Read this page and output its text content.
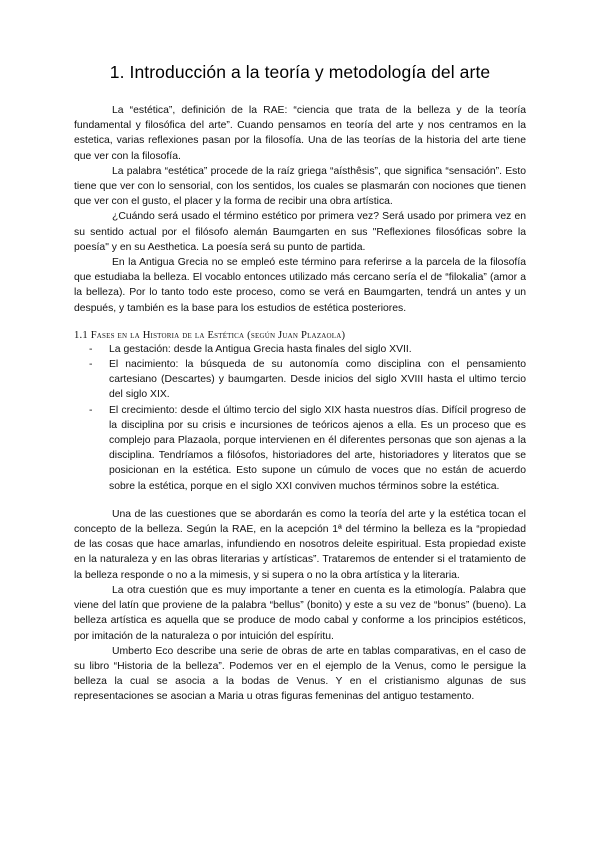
1. Introducción a la teoría y metodología del arte

La “estética”, definición de la RAE: “ciencia que trata de la belleza y de la teoría fundamental y filosófica del arte”. Cuando pensamos en teoría del arte y nos centramos en la estetica, varias reflexiones pasan por la filosofía. Una de las teorías de la historia del arte tiene que ver con la filosofía.

La palabra “estética” procede de la raíz griega “aísthêsis”, que significa “sensación”. Esto tiene que ver con lo sensorial, con los sentidos, los cuales se plasmarán con nociones que tienen que ver con el gusto, el placer y la forma de recibir una obra artística.

¿Cuándo será usado el término estético por primera vez? Será usado por primera vez en su sentido actual por el filósofo alemán Baumgarten en sus "Reflexiones filosóficas sobre la poesía" y en su Aesthetica. La poesía será su punto de partida.

En la Antigua Grecia no se empleó este término para referirse a la parcela de la filosofía que estudiaba la belleza. El vocablo entonces utilizado más cercano sería el de “filokalia” (amor a la belleza). Por lo tanto todo este proceso, como se verá en Baumgarten, tendrá un antes y un después, y también es la base para los estudios de estética posteriores.

1.1 Fases en la Historia de la Estética (según Juan Plazaola)
- La gestación: desde la Antigua Grecia hasta finales del siglo XVII.
- El nacimiento: la búsqueda de su autonomía como disciplina con el pensamiento cartesiano (Descartes) y baumgarten. Desde inicios del siglo XVIII hasta el ultimo tercio del siglo XIX.
- El crecimiento: desde el último tercio del siglo XIX hasta nuestros días. Difícil progreso de la disciplina por su crisis e incursiones de teóricos ajenos a ella. Es un proceso que es complejo para Plazaola, porque intervienen en él diferentes personas que son ajenas a la disciplina. Tendríamos a filósofos, historiadores del arte, historiadores y literatos que se posicionan en la estética. Esto supone un cúmulo de voces que no están de acuerdo sobre la estética, porque en el siglo XXI conviven muchos términos sobre la estética.

Una de las cuestiones que se abordarán es como la teoría del arte y la estética tocan el concepto de la belleza. Según la RAE, en la acepción 1ª del término la belleza es la “propiedad de las cosas que hace amarlas, infundiendo en nosotros deleite espiritual. Esta propiedad existe en la naturaleza y en las obras literarias y artísticas”. Trataremos de entender si el tratamiento de la belleza responde o no a la mimesis, y si supera o no la obra artística y la literaria.

La otra cuestión que es muy importante a tener en cuenta es la etimología. Palabra que viene del latín que proviene de la palabra “bellus” (bonito) y este a su vez de “bonus” (bueno). La belleza artística es aquella que se produce de modo cabal y conforme a los principios estéticos, por imitación de la naturaleza o por intuición del espíritu.

Umberto Eco describe una serie de obras de arte en tablas comparativas, en el caso de su libro “Historia de la belleza”. Podemos ver en el ejemplo de la Venus, como le persigue la belleza la cual se asocia a la bodas de Venus. Y en el cristianismo algunas de sus representaciones se asocian a Maria u otras figuras femeninas del antiguo testamento.
